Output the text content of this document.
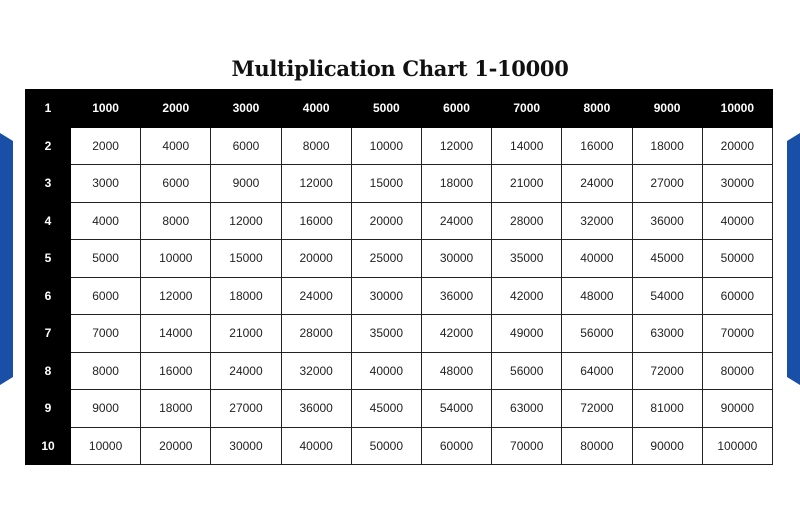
Multiplication Chart 1-10000
1	1000	2000	3000	4000	5000	6000	7000	8000	9000	10000
2	2000	4000	6000	8000	10000	12000	14000	16000	18000	20000
3	3000	6000	9000	12000	15000	18000	21000	24000	27000	30000
4	4000	8000	12000	16000	20000	24000	28000	32000	36000	40000
5	5000	10000	15000	20000	25000	30000	35000	40000	45000	50000
6	6000	12000	18000	24000	30000	36000	42000	48000	54000	60000
7	7000	14000	21000	28000	35000	42000	49000	56000	63000	70000
8	8000	16000	24000	32000	40000	48000	56000	64000	72000	80000
9	9000	18000	27000	36000	45000	54000	63000	72000	81000	90000
10	10000	20000	30000	40000	50000	60000	70000	80000	90000	100000
